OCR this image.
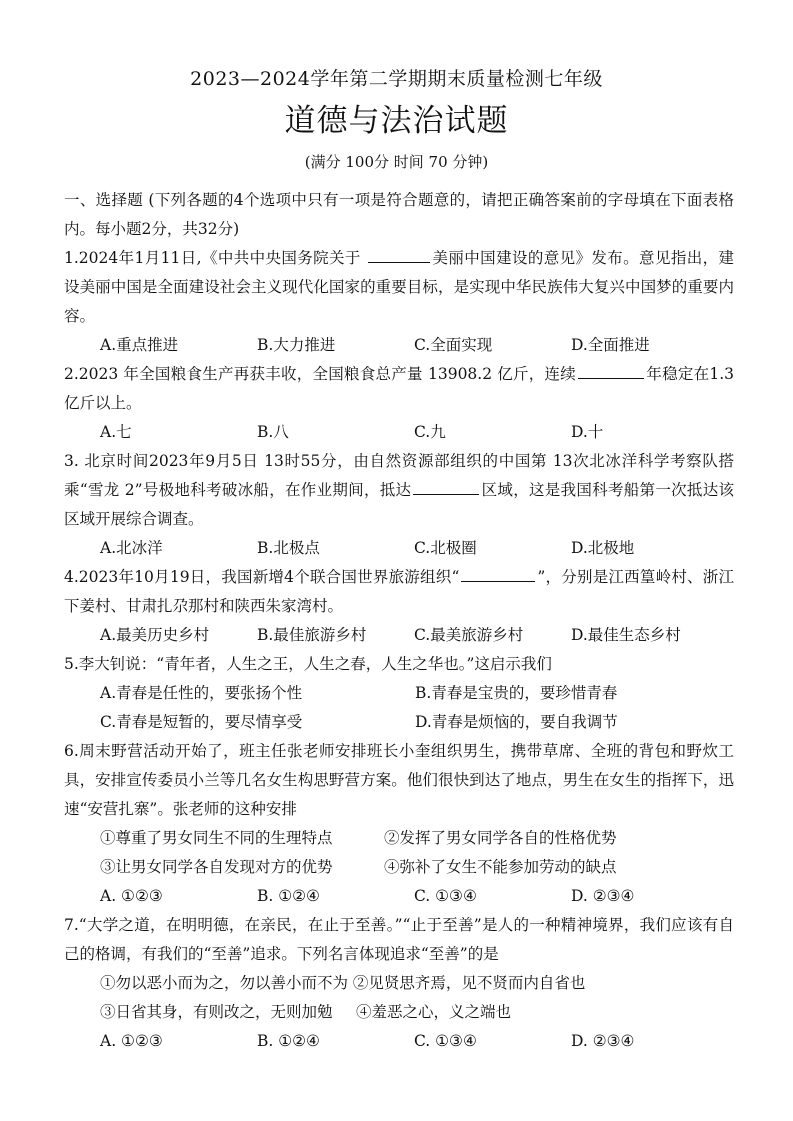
2023—2024学年第二学期期末质量检测七年级
道德与法治试题
(满分 100分 时间 70 分钟)

一、选择题 (下列各题的4个选项中只有一项是符合题意的，请把正确答案前的字母填在下面表格内。每小题2分，共32分)

1.2024年1月11日,《中共中央国务院关于	美丽中国建设的意见》发布。意见指出，建设美丽中国是全面建设社会主义现代化国家的重要目标，是实现中华民族伟大复兴中国梦的重要内容。

A.重点推进	B.大力推进	C.全面实现	D.全面推进

2.2023 年全国粮食生产再获丰收，全国粮食总产量 13908.2 亿斤，连续	年稳定在1.3亿斤以上。

A.七	B.八	C.九	D.十

3. 北京时间2023年9月5日 13时55分，由自然资源部组织的中国第 13次北冰洋科学考察队搭乘“雪龙 2”号极地科考破冰船，在作业期间，抵达	区域，这是我国科考船第一次抵达该区域开展综合调查。

A.北冰洋	B.北极点	C.北极圈	D.北极地

4.2023年10月19日，我国新增4个联合国世界旅游组织“	”，分别是江西篁岭村、浙江下姜村、甘肃扎尕那村和陕西朱家湾村。

A.最美历史乡村	B.最佳旅游乡村	C.最美旅游乡村	D.最佳生态乡村

5.李大钊说：“青年者，人生之王，人生之春，人生之华也。”这启示我们

A.青春是任性的，要张扬个性	B.青春是宝贵的，要珍惜青春

C.青春是短暂的，要尽情享受	D.青春是烦恼的，要自我调节

6.周末野营活动开始了，班主任张老师安排班长小奎组织男生，携带草席、全班的背包和野炊工具，安排宣传委员小兰等几名女生构思野营方案。他们很快到达了地点，男生在女生的指挥下，迅速“安营扎寨”。张老师的这种安排

①尊重了男女同生不同的生理特点	②发挥了男女同学各自的性格优势

③让男女同学各自发现对方的优势	④弥补了女生不能参加劳动的缺点

A. ①②③	B. ①②④	C. ①③④	D. ②③④

7.“大学之道，在明明德，在亲民，在止于至善。”“止于至善”是人的一种精神境界，我们应该有自己的格调，有我们的“至善”追求。下列名言体现追求“至善”的是

①勿以恶小而为之，勿以善小而不为 ②见贤思齐焉，见不贤而内自省也

③日省其身，有则改之，无则加勉 ④羞恶之心，义之端也

A. ①②③	B. ①②④	C. ①③④	D. ②③④
